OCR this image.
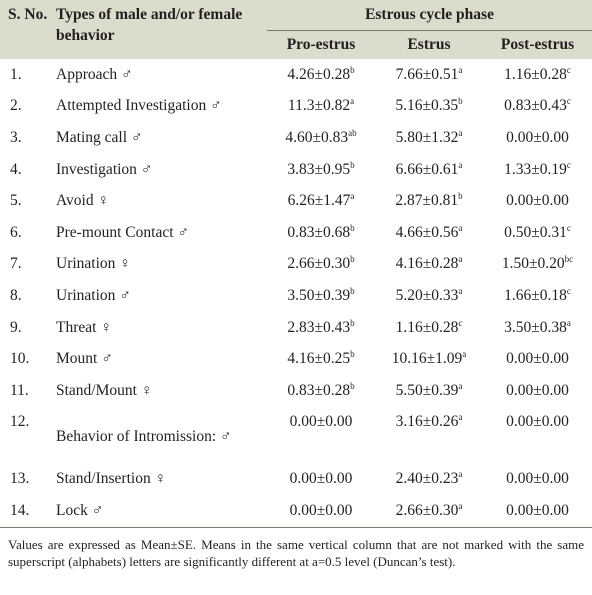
S. No.	Types of male and/or female behavior	Estrous cycle phase		
		Pro-estrus	Estrus	Post-estrus
1.	Approach ♂	4.26±0.28$^b$	7.66±0.51$^a$	1.16±0.28$^c$
2.	Attempted Investigation ♂	11.3±0.82$^a$	5.16±0.35$^b$	0.83±0.43$^c$
3.	Mating call ♂	4.60±0.83$^{ab}$	5.80±1.32$^a$	0.00±0.00
4.	Investigation ♂	3.83±0.95$^b$	6.66±0.61$^a$	1.33±0.19$^c$
5.	Avoid ♀	6.26±1.47$^a$	2.87±0.81$^b$	0.00±0.00
6.	Pre-mount Contact ♂	0.83±0.68$^b$	4.66±0.56$^a$	0.50±0.31$^c$
7.	Urination ♀	2.66±0.30$^b$	4.16±0.28$^a$	1.50±0.20$^{bc}$
8.	Urination ♂	3.50±0.39$^b$	5.20±0.33$^a$	1.66±0.18$^c$
9.	Threat ♀	2.83±0.43$^b$	1.16±0.28$^c$	3.50±0.38$^a$
10.	Mount ♂	4.16±0.25$^b$	10.16±1.09$^a$	0.00±0.00
11.	Stand/Mount ♀	0.83±0.28$^b$	5.50±0.39$^a$	0.00±0.00
12.	Behavior of Intromission: ♂	0.00±0.00	3.16±0.26$^a$	0.00±0.00
13.	Stand/Insertion ♀	0.00±0.00	2.40±0.23$^a$	0.00±0.00
14.	Lock ♂	0.00±0.00	2.66±0.30$^a$	0.00±0.00
Values are expressed as Mean±SE. Means in the same vertical column that are not marked with the same superscript (alphabets) letters are significantly different at a=0.5 level (Duncan’s test).
